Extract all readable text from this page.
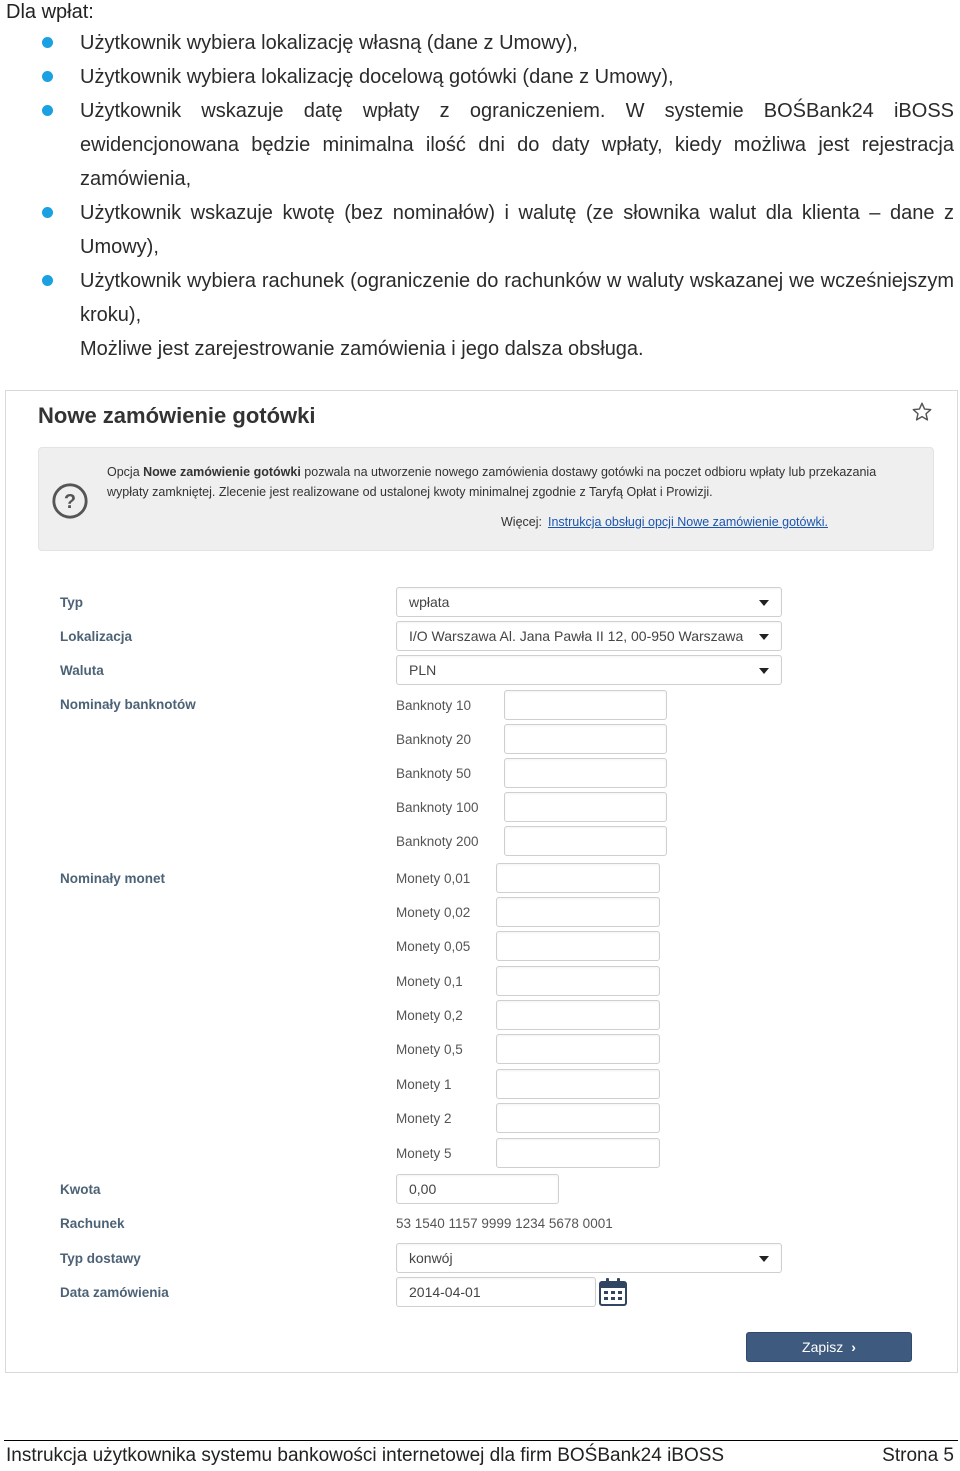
Dla wpłat:
Użytkownik wybiera lokalizację własną (dane z Umowy),
Użytkownik wybiera lokalizację docelową gotówki (dane z Umowy),
Użytkownik wskazuje datę wpłaty z ograniczeniem. W systemie BOŚBank24 iBOSS ewidencjonowana będzie minimalna ilość dni do daty wpłaty, kiedy możliwa jest rejestracja zamówienia,
Użytkownik wskazuje kwotę (bez nominałów) i walutę (ze słownika walut dla klienta – dane z Umowy),
Użytkownik wybiera rachunek (ograniczenie do rachunków w waluty wskazanej we wcześniejszym kroku),
Możliwe jest zarejestrowanie zamówienia i jego dalsza obsługa.
Nowe zamówienie gotówki
?
Opcja Nowe zamówienie gotówki pozwala na utworzenie nowego zamówienia dostawy gotówki na poczet odbioru wpłaty lub przekazania wypłaty zamkniętej. Zlecenie jest realizowane od ustalonej kwoty minimalnej zgodnie z Taryfą Opłat i Prowizji.
Więcej: Instrukcja obsługi opcji Nowe zamówienie gotówki.
Typ	wpłata
Lokalizacja	I/O Warszawa Al. Jana Pawła II 12, 00-950 Warszawa
Waluta	PLN
Nominały banknotów	Banknoty 10
Banknoty 20
Banknoty 50
Banknoty 100
Banknoty 200
Nominały monet	Monety 0,01
Monety 0,02
Monety 0,05
Monety 0,1
Monety 0,2
Monety 0,5
Monety 1
Monety 2
Monety 5
Kwota	0,00
Rachunek	53 1540 1157 9999 1234 5678 0001
Typ dostawy	konwój
Data zamówienia	2014-04-01
Zapisz ›
Instrukcja użytkownika systemu bankowości internetowej dla firm BOŚBank24 iBOSS	Strona 5
